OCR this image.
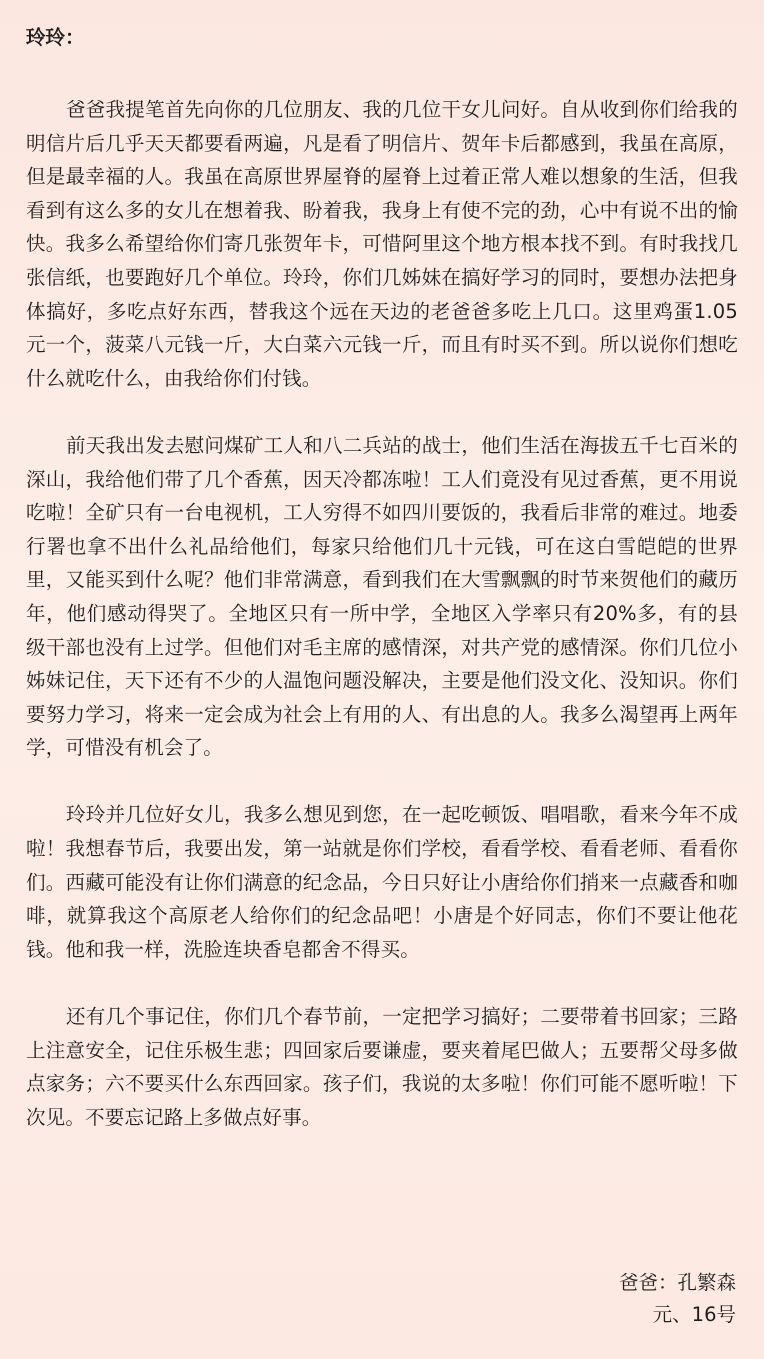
玲玲：

爸爸我提笔首先向你的几位朋友、我的几位干女儿问好。自从收到你们给我的明信片后几乎天天都要看两遍，凡是看了明信片、贺年卡后都感到，我虽在高原，但是最幸福的人。我虽在高原世界屋脊的屋脊上过着正常人难以想象的生活，但我看到有这么多的女儿在想着我、盼着我，我身上有使不完的劲，心中有说不出的愉快。我多么希望给你们寄几张贺年卡，可惜阿里这个地方根本找不到。有时我找几张信纸，也要跑好几个单位。玲玲，你们几姊妹在搞好学习的同时，要想办法把身体搞好，多吃点好东西，替我这个远在天边的老爸爸多吃上几口。这里鸡蛋1.05元一个，菠菜八元钱一斤，大白菜六元钱一斤，而且有时买不到。所以说你们想吃什么就吃什么，由我给你们付钱。

前天我出发去慰问煤矿工人和八二兵站的战士，他们生活在海拔五千七百米的深山，我给他们带了几个香蕉，因天冷都冻啦！工人们竟没有见过香蕉，更不用说吃啦！全矿只有一台电视机，工人穷得不如四川要饭的，我看后非常的难过。地委行署也拿不出什么礼品给他们，每家只给他们几十元钱，可在这白雪皑皑的世界里，又能买到什么呢？他们非常满意，看到我们在大雪飘飘的时节来贺他们的藏历年，他们感动得哭了。全地区只有一所中学，全地区入学率只有20%多，有的县级干部也没有上过学。但他们对毛主席的感情深，对共产党的感情深。你们几位小姊妹记住，天下还有不少的人温饱问题没解决，主要是他们没文化、没知识。你们要努力学习，将来一定会成为社会上有用的人、有出息的人。我多么渴望再上两年学，可惜没有机会了。

玲玲并几位好女儿，我多么想见到您，在一起吃顿饭、唱唱歌，看来今年不成啦！我想春节后，我要出发，第一站就是你们学校，看看学校、看看老师、看看你们。西藏可能没有让你们满意的纪念品，今日只好让小唐给你们捎来一点藏香和咖啡，就算我这个高原老人给你们的纪念品吧！小唐是个好同志，你们不要让他花钱。他和我一样，洗脸连块香皂都舍不得买。

还有几个事记住，你们几个春节前，一定把学习搞好；二要带着书回家；三路上注意安全，记住乐极生悲；四回家后要谦虚，要夹着尾巴做人；五要帮父母多做点家务；六不要买什么东西回家。孩子们，我说的太多啦！你们可能不愿听啦！下次见。不要忘记路上多做点好事。

爸爸：孔繁森
元、16号
